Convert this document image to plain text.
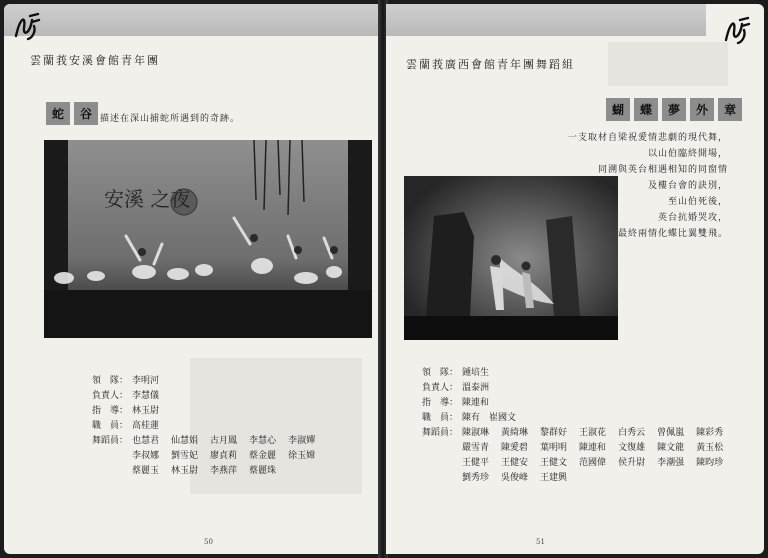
雲蘭莪安溪會館青年團
蛇	谷 描述在深山捕蛇所遇到的奇跡。
安溪 之夜
領　隊： 李明河
負責人： 李慧儀
指　導： 林玉尉
職　員： 高桂蓮
舞蹈員： 也慧君 仙慧娟 古月鳳 李慧心 李淑嬋
李叔娜 劉雪妃 廖貞莉 蔡金麗 徐玉嫦
蔡麗玉 林玉尉 李燕萍 蔡麗珠
50
雲蘭莪廣西會館青年團舞蹈組
蝴	蝶	夢	外	章
一支取材自梁祝愛情悲劇的現代舞，
以山伯臨終開場，
同溯與英台相遇相知的同窗情
及樓台會的訣別，
至山伯死後，
英台抗婚哭攻，
最終兩情化蝶比翼雙飛。
領　隊： 鍾培生
負責人： 溫泰洲
指　導： 陳連和
職　員： 陳有　崔國文
舞蹈員： 陳淑琳 黃綺琳 黎群好 王淑花 白秀云 曾佩嵐 陳彩秀
嚴雪青 陳愛碧 葉明明 陳連和 文復雄 陳文龍 黃玉松
王健平 王健安 王健文 范國偉 侯升尉 李潮强 陳昀珍
劉秀珍 吳俊峰 王建興
51
